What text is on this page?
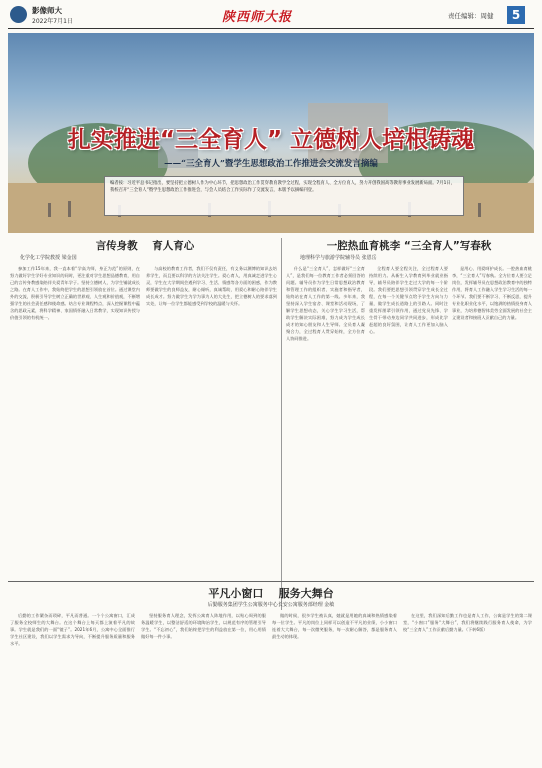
影像师大
2022年7月1日	陕西师大报	责任编辑：周健	5
扎实推进“三全育人” 立德树人培根铸魂
——“三全育人”暨学生思想政治工作推进会交流发言摘编
编者按：习近平总书记指出，要坚持把立德树人作为中心环节，把思想政治工作贯穿教育教学全过程，实现全程育人、全方位育人，努力开创我国高等教育事业发展新局面。7月1日，我校召开“三全育人”暨学生思想政治工作推进会，与会人员结合工作实际作了交流发言，本版予以摘编刊登。
言传身教    育人育心
化学化工学院教授 梁金国
一腔热血育桃李 “三全育人”写春秋
地理科学与旅游学院辅导员 张恩岳

参加工作15年来，我一直本着“学高为师，身正为范”的原则，在努力做好学生学好专业知识的同时，更注重对学生思想品德教育，用自己的言传身教感染陪伴关爱青年学子。坚持立德树人，为学生铺就成长之路。在育人工作中，我始终把学生的思想引领放在首位。通过课堂内外的交流，积极引导学生树立正确的世界观、人生观和价值观，不断增强学生的社会责任感和使命感。结合专业课程特点，深入挖掘课程中蕴含的思政元素，将科学精神、家国情怀融入日常教学，实现知识传授与价值引领的有机统一。

与高校的教育工作者，我们不仅有责任，有义务以渊博的知识去培养学生，而且要以科学的方法关注学生。爱心育人，用真诚走进学生心灵，学生在大学期间会遇到学习、生活、情感等各方面的困惑，作为教师要做学生的良师益友，耐心倾听，真诚帮助，用爱心和耐心陪伴学生成长成才。努力做学生为学为事为人的大先生，把立德树人的要求落到实处，让每一位学生都能感受到学校的温暖与关怀。

什么是“三全育人”，怎样做好“三全育人”，是我们每一位教育工作者必须回答的问题。辅导员作为学生日常思想政治教育和管理工作的组织者、实施者和指导者，始终站在育人工作的第一线。多年来，我坚持深入学生宿舍、课堂和活动现场，了解学生思想动态，关心学生学习生活，帮助学生解决实际困难，努力成为学生成长成才的知心朋友和人生导师。全员育人凝聚合力，全过程育人贯穿始终，全方位育人协同推进。

全程育人要全程关注，全过程育人要持续用力。从新生入学教育到毕业就业指导，辅导员陪伴学生走过大学的每一个阶段。我们要把思想引领贯穿学生成长全过程，在每一个关键节点给予学生方向与力量，做学生成长道路上的引路人。同时注重发挥朋辈引领作用，通过党员先锋、学生骨干带动身边同学共同进步，形成比学赶超的良好氛围，让育人工作更加入脑入心。

是用心、用爱呵护成长。一腔热血育桃李，“三全育人”写春秋。全方位育人要立足岗位，发挥辅导员在思想政治教育中的独特作用，将育人工作融入学生学习生活的每一个环节。我们要不断学习、不断反思，提升专业化职业化水平，以饱满的热情投身育人事业，为培养德智体美劳全面发展的社会主义建设者和接班人贡献自己的力量。

平凡小窗口    服务大舞台
后勤服务集团学生公寓服务中心长安公寓服务部经理 金敏

后勤的工作繁杂而琐碎，平凡而普通。一个个公寓窗口，汇成了服务全校师生的大舞台。在这个舞台上每天都上演着平凡的故事。学生就是我们的一面“镜子”。2021年6月，公寓中心全面推行学生社区建设，我们以学生需求为导向，不断提升服务质量和服务水平。

坚持服务育人理念，发挥公寓育人阵地作用，以贴心周到的服务温暖学生，以整洁舒适的环境陶冶学生，以规范有序的管理引导学生。“不忘初心”，我们始终把学生的利益放在第一位，用心用情做好每一件小事。

做的时候，很多学生被认真，她就是用她的真诚和热情感染着每一位学生。平凡的岗位上同样可以创造不平凡的业绩，小小窗口连着大大舞台，每一次微笑服务，每一次耐心解答，都是服务育人最生动的体现。

在这里，我们深知后勤工作也是育人工作，公寓是学生的第二课堂，“小窗口”服务“大舞台”，我们将继续践行服务育人使命，为学校“三全育人”工作贡献后勤力量。（下转6版）
